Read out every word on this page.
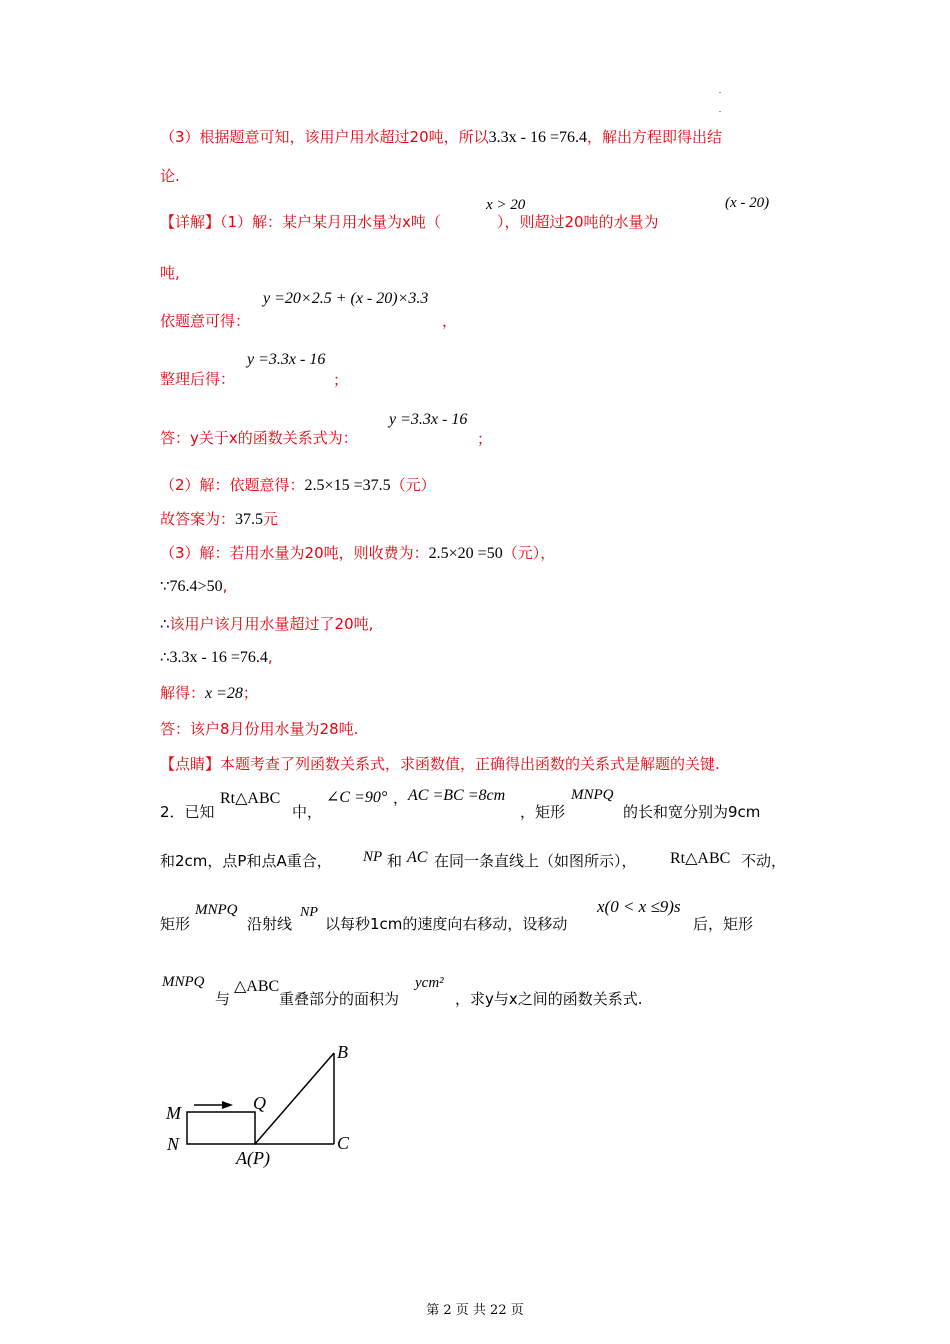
（3）根据题意可知，该用户用水超过20吨，所以3.3x - 16 =76.4，解出方程即得出结
论.
【详解】（1）解：某户某月用水量为x吨（	），则超过20吨的水量为
x > 20	(x - 20)
吨,
y =20×2.5 + (x - 20)×3.3
依题意可得：	，
y =3.3x - 16
整理后得：	；
y =3.3x - 16
答：y关于x的函数关系式为：	；
（2）解：依题意得：2.5×15 =37.5（元）
故答案为：37.5元
（3）解：若用水量为20吨，则收费为：2.5×20 =50（元），
∵76.4>50,
∴该用户该月用水量超过了20吨,
∴3.3x - 16 =76.4,
解得：x =28；
答：该户8月份用水量为28吨.
【点睛】本题考查了列函数关系式，求函数值，正确得出函数的关系式是解题的关键.
2．已知
Rt△ABC
中，
∠C =90° ， AC =BC =8cm
，矩形
MNPQ
的长和宽分别为9cm
和2cm，点P和点A重合， NP 和 AC 在同一条直线上（如图所示）， Rt△ABC 不动，
矩形
MNPQ
沿射线
NP
以每秒1cm的速度向右移动，设移动
x(0 < x ≤9)s
后，矩形
MNPQ
与
△ABC
重叠部分的面积为
ycm²
，求y与x之间的函数关系式.
M
N
Q
B
C
A(P)
第 2 页 共 22 页
